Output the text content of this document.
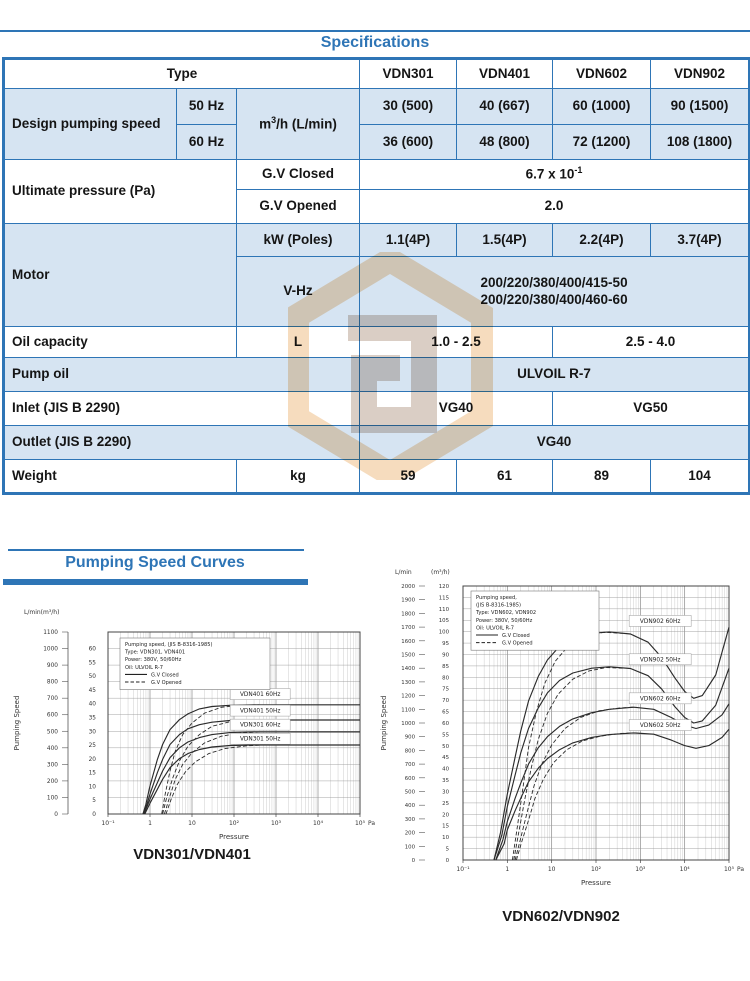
Specifications
Type			VDN301	VDN401	VDN602	VDN902
Design pumping speed	50 Hz	$m^3/h$ (L/min)	30 (500)	40 (667)	60 (1000)	90 (1500)
	60 Hz		36 (600)	48 (800)	72 (1200)	108 (1800)
Ultimate pressure (Pa)		G.V Closed	6.7 x $10^{-1}$
		G.V Opened	2.0			
Motor		kW (Poles)	1.1(4P)	1.5(4P)	2.2(4P)	3.7(4P)
		V-Hz	200/220/380/400/415-50
200/220/380/400/460-60			

Oil capacity		L	1.0 - 2.5		2.5 - 4.0	
Pump oil			ULVOIL R-7			
Inlet (JIS B 2290)			VG40		VG50	
Outlet (JIS B 2290)			VG40			
Weight		kg	59	61	89	104
Pumping Speed Curves
VDN401 60Hz
VDN401 50Hz
VDN301 60Hz
VDN301 50Hz
Pumping speed, (JIS B-8316-1985)
Type: VDN301, VDN401
Power: 380V, 50/60Hz
Oil: ULVOIL R-7
G.V Closed
G.V Opened
1100
1000
900
800
700
600
500
400
300
200
100
0
60
55
50
45
40
35
30
25
20
15
10
5
0
L/min(m³/h)
10⁻¹	1	10	10²	10³	10⁴	10⁵ Pa
Pressure
Pumping Speed
VDN301/VDN401
VDN902 60Hz
VDN902 50Hz
VDN602 60Hz
VDN602 50Hz
Pumping speed,
(JIS B-8316-1985)
Type: VDN602, VDN902
Power: 380V, 50/60Hz
Oil: ULVOIL R-7
G.V Closed
G.V Opened
2000
1900
1800
1700
1600
1500
1400
1300
1200
1100
1000
900
800
700
600
500
400
300
200
100
0
120
115
110
105
100
95
90
85
80
75
70
65
60
55
50
45
40
35
30
25
20
15
10
5
0
L/min	(m³/h)
10⁻¹	1	10	10²	10³	10⁴	10⁵ Pa
Pressure
Pumping Speed
VDN602/VDN902
